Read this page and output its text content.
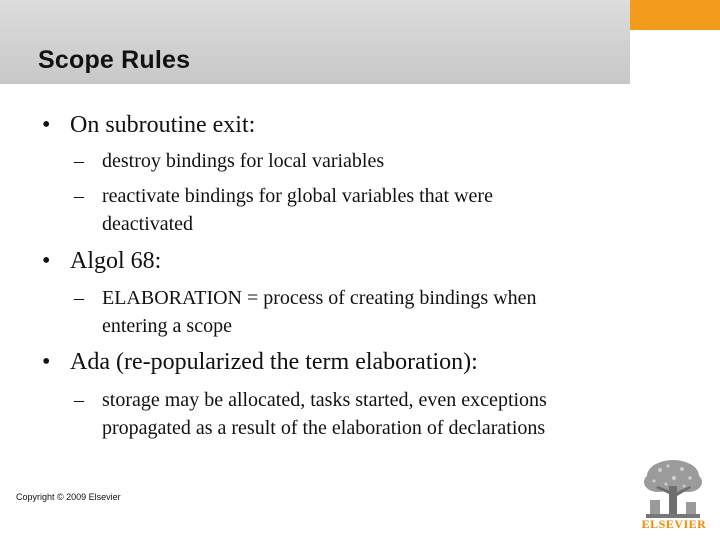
Scope Rules
• On subroutine exit:
– destroy bindings for local variables
– reactivate bindings for global variables that were
deactivated
• Algol 68:
– ELABORATION = process of creating bindings when
entering a scope
• Ada (re-popularized the term elaboration):
– storage may be allocated, tasks started, even exceptions
propagated as a result of the elaboration of declarations
Copyright © 2009 Elsevier
ELSEVIER
